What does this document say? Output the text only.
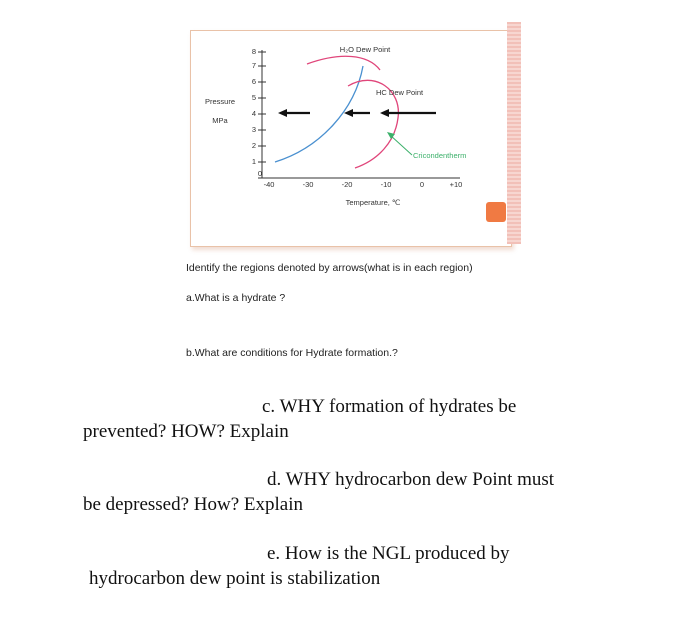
0
1
2
3
4
5
6
7
8
Pressure
MPa
-40	-30	-20	-10	0	+10
Temperature, ℃
H₂O Dew Point
HC Dew Point
Cricondentherm
Identify the regions denoted by arrows(what is in each region)
a.What is a hydrate ?
b.What are conditions for Hydrate formation.?
c. WHY formation of hydrates be
prevented? HOW? Explain
d. WHY hydrocarbon dew Point must
be depressed? How? Explain
e. How is the NGL produced by
hydrocarbon dew point is stabilization
